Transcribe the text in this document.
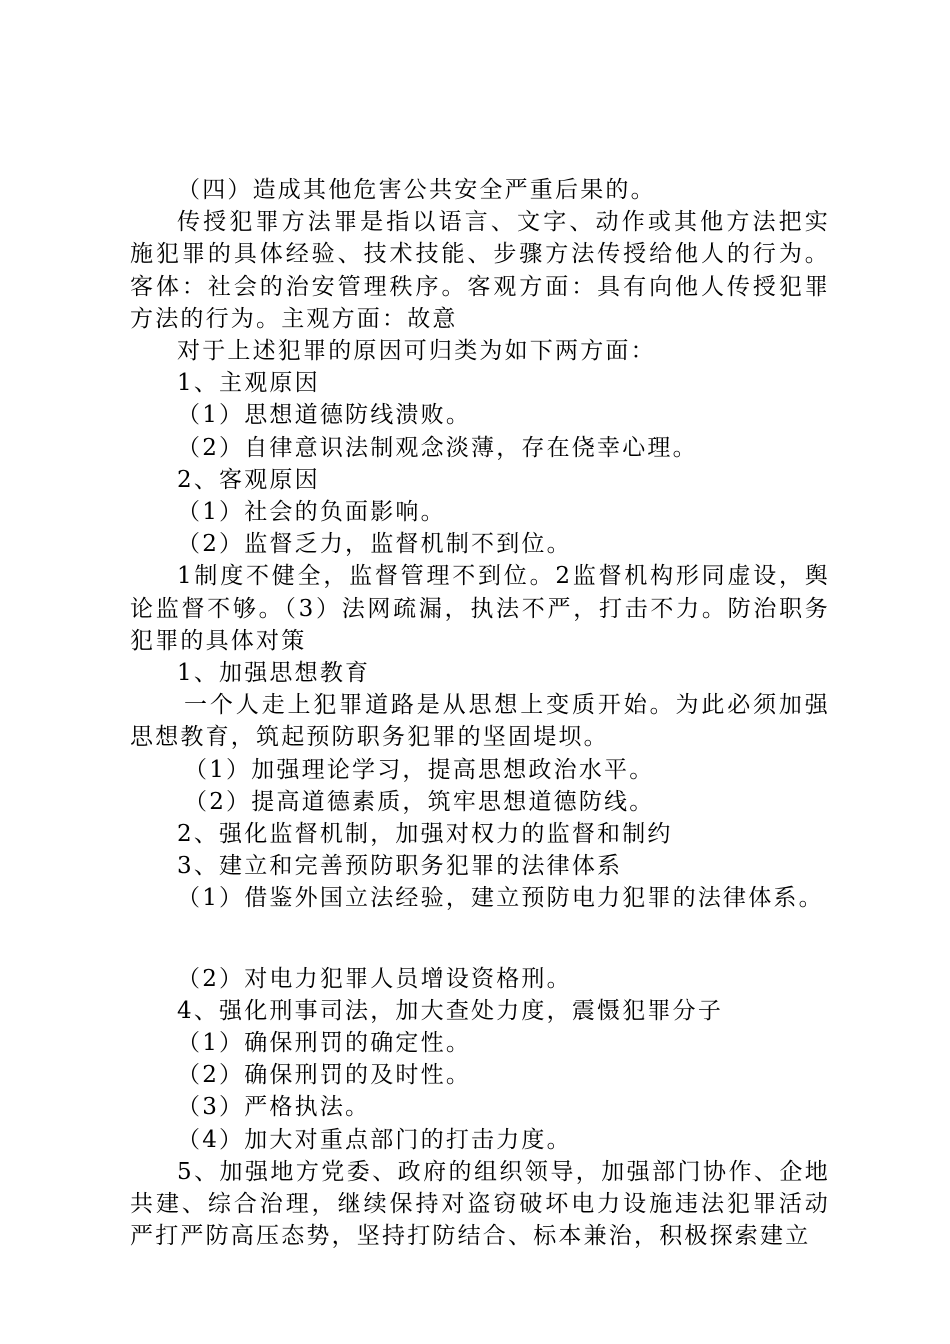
（四）造成其他危害公共安全严重后果的。

传授犯罪方法罪是指以语言、文字、动作或其他方法把实施犯罪的具体经验、技术技能、步骤方法传授给他人的行为。客体：社会的治安管理秩序。客观方面：具有向他人传授犯罪方法的行为。主观方面：故意

对于上述犯罪的原因可归类为如下两方面：

1、主观原因

（1）思想道德防线溃败。

（2）自律意识法制观念淡薄，存在侥幸心理。

2、客观原因

（1）社会的负面影响。

（2）监督乏力，监督机制不到位。

1制度不健全，监督管理不到位。2监督机构形同虚设，舆论监督不够。（3）法网疏漏，执法不严，打击不力。防治职务犯罪的具体对策

1、加强思想教育

一个人走上犯罪道路是从思想上变质开始。为此必须加强思想教育，筑起预防职务犯罪的坚固堤坝。

（1）加强理论学习，提高思想政治水平。

（2）提高道德素质，筑牢思想道德防线。

2、强化监督机制，加强对权力的监督和制约

3、建立和完善预防职务犯罪的法律体系

（1）借鉴外国立法经验，建立预防电力犯罪的法律体系。

（2）对电力犯罪人员增设资格刑。

4、强化刑事司法，加大查处力度，震慑犯罪分子

（1）确保刑罚的确定性。

（2）确保刑罚的及时性。

（3）严格执法。

（4）加大对重点部门的打击力度。

5、加强地方党委、政府的组织领导，加强部门协作、企地共建、综合治理，继续保持对盗窃破坏电力设施违法犯罪活动严打严防高压态势，坚持打防结合、标本兼治，积极探索建立
